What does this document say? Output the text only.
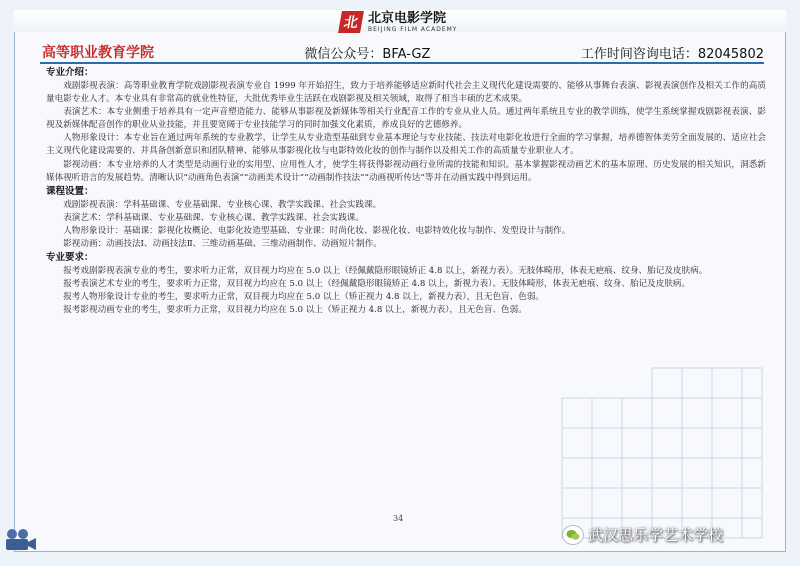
北 北京电影学院
BEIJING FILM ACADEMY
高等职业教育学院	微信公众号：BFA-GZ	工作时间咨询电话：82045802

专业介绍：

戏剧影视表演：高等职业教育学院戏剧影视表演专业自 1999 年开始招生，致力于培养能够适应新时代社会主义现代化建设需要的、能够从事舞台表演、影视表演创作及相关工作的高质量电影专业人才。本专业具有非常高的就业性特征，大批优秀毕业生活跃在戏剧影视及相关领域，取得了相当丰硕的艺术成果。

表演艺术：本专业侧重于培养具有一定声音塑造能力、能够从事影视及新媒体等相关行业配音工作的专业从业人员。通过两年系统且专业的教学训练，使学生系统掌握戏剧影视表演、影视及新媒体配音创作的职业从业技能，并且要宽阔于专业技能学习的同时加强文化素质，养成良好的艺德修养。

人物形象设计：本专业旨在通过两年系统的专业教学，让学生从专业造型基础到专业基本理论与专业技能、技法对电影化妆进行全面的学习掌握，培养德智体美劳全面发展的、适应社会主义现代化建设需要的、并具备创新意识和团队精神、能够从事影视化妆与电影特效化妆的创作与制作以及相关工作的高质量专业职业人才。

影视动画：本专业培养的人才类型是动画行业的实用型、应用性人才，使学生将获得影视动画行业所需的技能和知识。基本掌握影视动画艺术的基本原理、历史发展的相关知识，洞悉新媒体视听语言的发展趋势。清晰认识“动画角色表演”“动画美术设计”“动画制作技法”“动画视听传达”等并在动画实践中得到运用。

课程设置：

戏剧影视表演：学科基础课、专业基础课、专业核心课、教学实践课、社会实践课。

表演艺术：学科基础课、专业基础课、专业核心课、教学实践课、社会实践课。

人物形象设计：基础课：影视化妆概论、电影化妆造型基础、专业课：时尚化妆、影视化妆、电影特效化妆与制作、发型设计与制作。

影视动画：动画技法Ⅰ、动画技法Ⅱ、三维动画基础、三维动画制作、动画短片制作。

专业要求：

报考戏剧影视表演专业的考生，要求听力正常，双目视力均应在 5.0 以上（经佩戴隐形眼镜矫正 4.8 以上，新视力表）。无肢体畸形，体表无疤痕、纹身、胎记及皮肤病。

报考表演艺术专业的考生，要求听力正常，双目视力均应在 5.0 以上（经佩戴隐形眼镜矫正 4.8 以上，新视力表）。无肢体畸形，体表无疤痕、纹身、胎记及皮肤病。

报考人物形象设计专业的考生，要求听力正常，双目视力均应在 5.0 以上（矫正视力 4.8 以上，新视力表），且无色盲、色弱。

报考影视动画专业的考生，要求听力正常，双目视力均应在 5.0 以上（矫正视力 4.8 以上，新视力表），且无色盲、色弱。

34
武汉思乐学艺术学校
